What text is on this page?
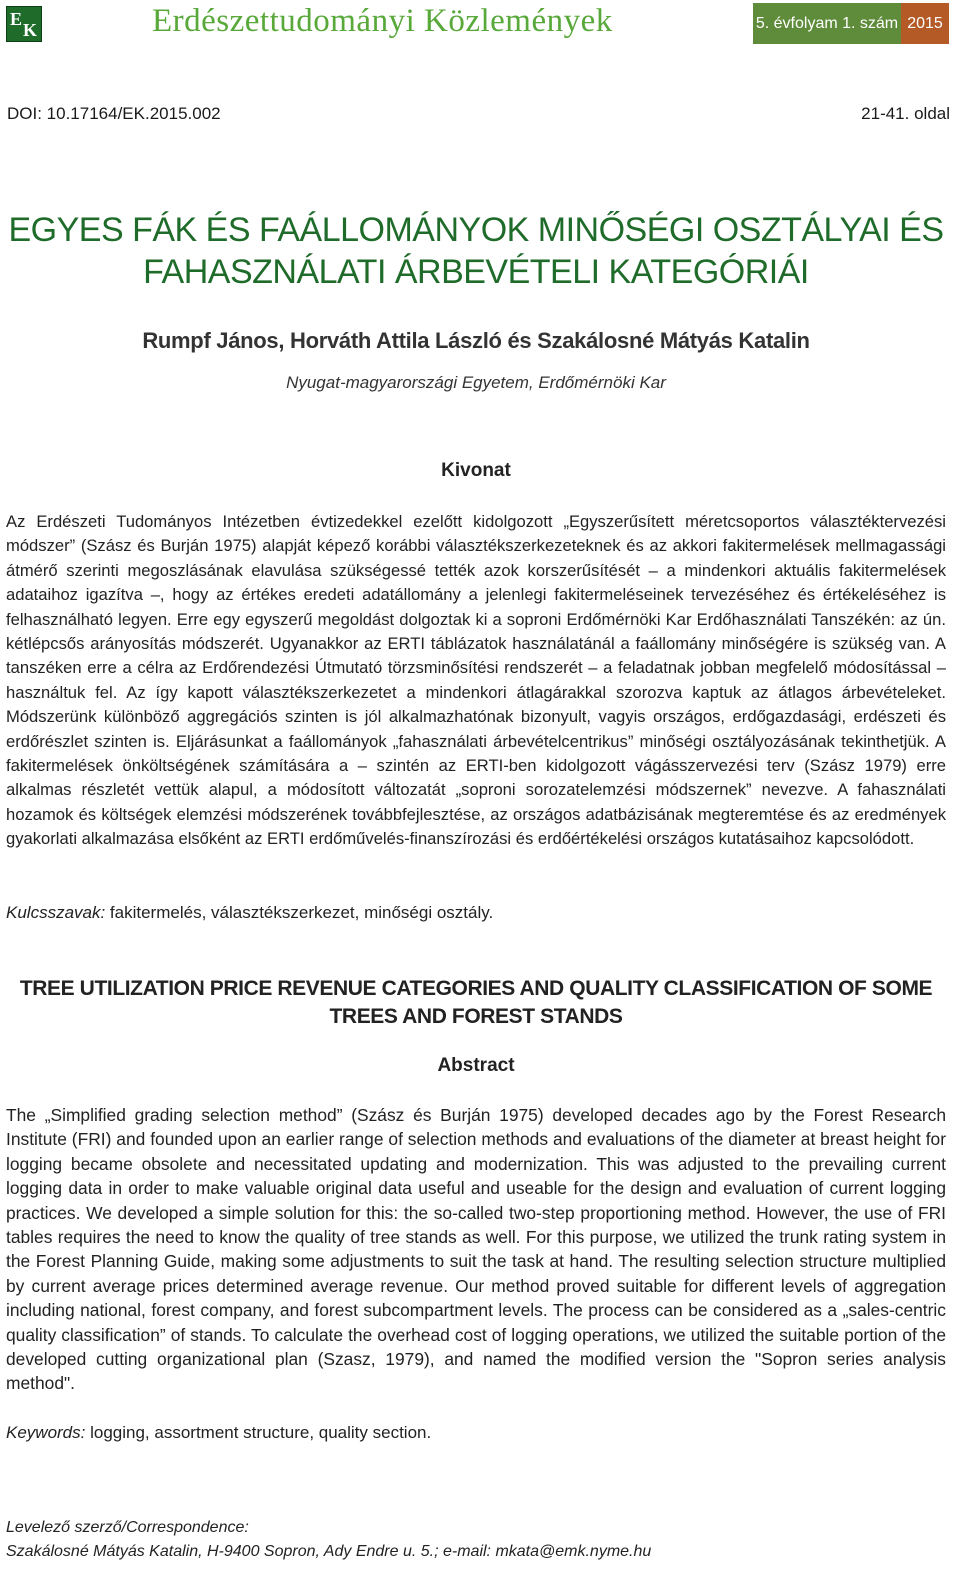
E
K	Erdészettudományi Közlemények	5. évfolyam 1. szám 2015
DOI: 10.17164/EK.2015.002	21-41. oldal
EGYES FÁK ÉS FAÁLLOMÁNYOK MINŐSÉGI OSZTÁLYAI ÉS
FAHASZNÁLATI ÁRBEVÉTELI KATEGÓRIÁI
Rumpf János, Horváth Attila László és Szakálosné Mátyás Katalin
Nyugat-magyarországi Egyetem, Erdőmérnöki Kar
Kivonat
Az Erdészeti Tudományos Intézetben évtizedekkel ezelőtt kidolgozott „Egyszerűsített méretcsoportos választéktervezési módszer” (Szász és Burján 1975) alapját képező korábbi választékszerkezeteknek és az akkori fakitermelések mellmagassági átmérő szerinti megoszlásának elavulása szükségessé tették azok korszerűsítését – a mindenkori aktuális fakitermelések adataihoz igazítva –, hogy az értékes eredeti adatállomány a jelenlegi fakitermeléseinek tervezéséhez és értékeléséhez is felhasználható legyen. Erre egy egyszerű megoldást dolgoztak ki a soproni Erdőmérnöki Kar Erdőhasználati Tanszékén: az ún. kétlépcsős arányosítás módszerét. Ugyanakkor az ERTI táblázatok használatánál a faállomány minőségére is szükség van. A tanszéken erre a célra az Erdőrendezési Útmutató törzsminősítési rendszerét – a feladatnak jobban megfelelő módosítással – használtuk fel. Az így kapott választékszerkezetet a mindenkori átlagárakkal szorozva kaptuk az átlagos árbevételeket. Módszerünk különböző aggregációs szinten is jól alkalmazhatónak bizonyult, vagyis országos, erdőgazdasági, erdészeti és erdőrészlet szinten is. Eljárásunkat a faállományok „fahasználati árbevételcentrikus” minőségi osztályozásának tekinthetjük. A fakitermelések önköltségének számítására a – szintén az ERTI-ben kidolgozott vágásszervezési terv (Szász 1979) erre alkalmas részletét vettük alapul, a módosított változatát „soproni sorozatelemzési módszernek” nevezve. A fahasználati hozamok és költségek elemzési módszerének továbbfejlesztése, az országos adatbázisának megteremtése és az eredmények gyakorlati alkalmazása elsőként az ERTI erdőművelés-finanszírozási és erdőértékelési országos kutatásaihoz kapcsolódott.
Kulcsszavak: fakitermelés, választékszerkezet, minőségi osztály.
TREE UTILIZATION PRICE REVENUE CATEGORIES AND QUALITY CLASSIFICATION OF SOME
TREES AND FOREST STANDS
Abstract
The „Simplified grading selection method” (Szász és Burján 1975) developed decades ago by the Forest Research Institute (FRI) and founded upon an earlier range of selection methods and evaluations of the diameter at breast height for logging became obsolete and necessitated updating and modernization. This was adjusted to the prevailing current logging data in order to make valuable original data useful and useable for the design and evaluation of current logging practices. We developed a simple solution for this: the so-called two-step proportioning method. However, the use of FRI tables requires the need to know the quality of tree stands as well. For this purpose, we utilized the trunk rating system in the Forest Planning Guide, making some adjustments to suit the task at hand. The resulting selection structure multiplied by current average prices determined average revenue. Our method proved suitable for different levels of aggregation including national, forest company, and forest subcompartment levels. The process can be considered as a „sales-centric quality classification” of stands. To calculate the overhead cost of logging operations, we utilized the suitable portion of the developed cutting organizational plan (Szasz, 1979), and named the modified version the "Sopron series analysis method".
Keywords: logging, assortment structure, quality section.
Levelező szerző/Correspondence:
Szakálosné Mátyás Katalin, H-9400 Sopron, Ady Endre u. 5.; e-mail: mkata@emk.nyme.hu
